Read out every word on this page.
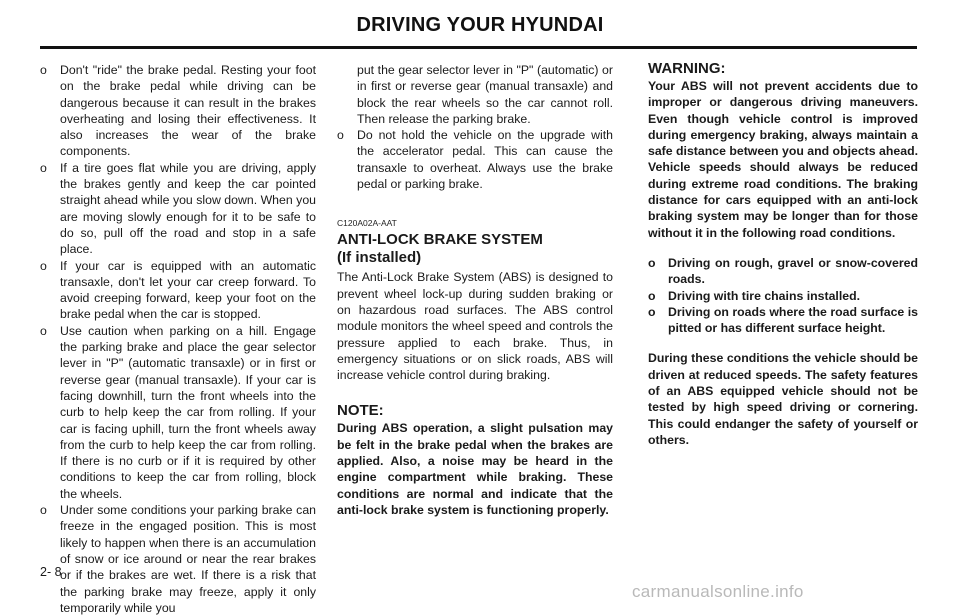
DRIVING YOUR HYUNDAI
o Don't "ride" the brake pedal. Resting your foot on the brake pedal while driving can be dangerous because it can result in the brakes overheating and losing their effectiveness. It also increases the wear of the brake components.
o If a tire goes flat while you are driving, apply the brakes gently and keep the car pointed straight ahead while you slow down. When you are moving slowly enough for it to be safe to do so, pull off the road and stop in a safe place.
o If your car is equipped with an automatic transaxle, don't let your car creep forward. To avoid creeping forward, keep your foot on the brake pedal when the car is stopped.
o Use caution when parking on a hill. Engage the parking brake and place the gear selector lever in "P" (automatic transaxle) or in first or reverse gear (manual transaxle). If your car is facing downhill, turn the front wheels into the curb to help keep the car from rolling. If your car is facing uphill, turn the front wheels away from the curb to help keep the car from rolling. If there is no curb or if it is required by other conditions to keep the car from rolling, block the wheels.
o Under some conditions your parking brake can freeze in the engaged position. This is most likely to happen when there is an accumulation of snow or ice around or near the rear brakes or if the brakes are wet. If there is a risk that the parking brake may freeze, apply it only temporarily while you
put the gear selector lever in "P" (automatic) or in first or reverse gear (manual transaxle) and block the rear wheels so the car cannot roll. Then release the parking brake.
o Do not hold the vehicle on the upgrade with the accelerator pedal. This can cause the transaxle to overheat. Always use the brake pedal or parking brake.
C120A02A-AAT
ANTI-LOCK BRAKE SYSTEM
(If installed)
The Anti-Lock Brake System (ABS) is designed to prevent wheel lock-up during sudden braking or on hazardous road surfaces. The ABS control module monitors the wheel speed and controls the pressure applied to each brake. Thus, in emergency situations or on slick roads, ABS will increase vehicle control during braking.
NOTE:
During ABS operation, a slight pulsation may be felt in the brake pedal when the brakes are applied. Also, a noise may be heard in the engine compartment while braking. These conditions are normal and indicate that the anti-lock brake system is functioning properly.
WARNING:
Your ABS will not prevent accidents due to improper or dangerous driving maneuvers. Even though vehicle control is improved during emergency braking, always maintain a safe distance between you and objects ahead. Vehicle speeds should always be reduced during extreme road conditions. The braking distance for cars equipped with an anti-lock braking system may be longer than for those without it in the following road conditions.
o Driving on rough, gravel or snow-covered roads.
o Driving with tire chains installed.
o Driving on roads where the road surface is pitted or has different surface height.
During these conditions the vehicle should be driven at reduced speeds. The safety features of an ABS equipped vehicle should not be tested by high speed driving or cornering. This could endanger the safety of yourself or others.
2- 8
carmanualsonline.info
